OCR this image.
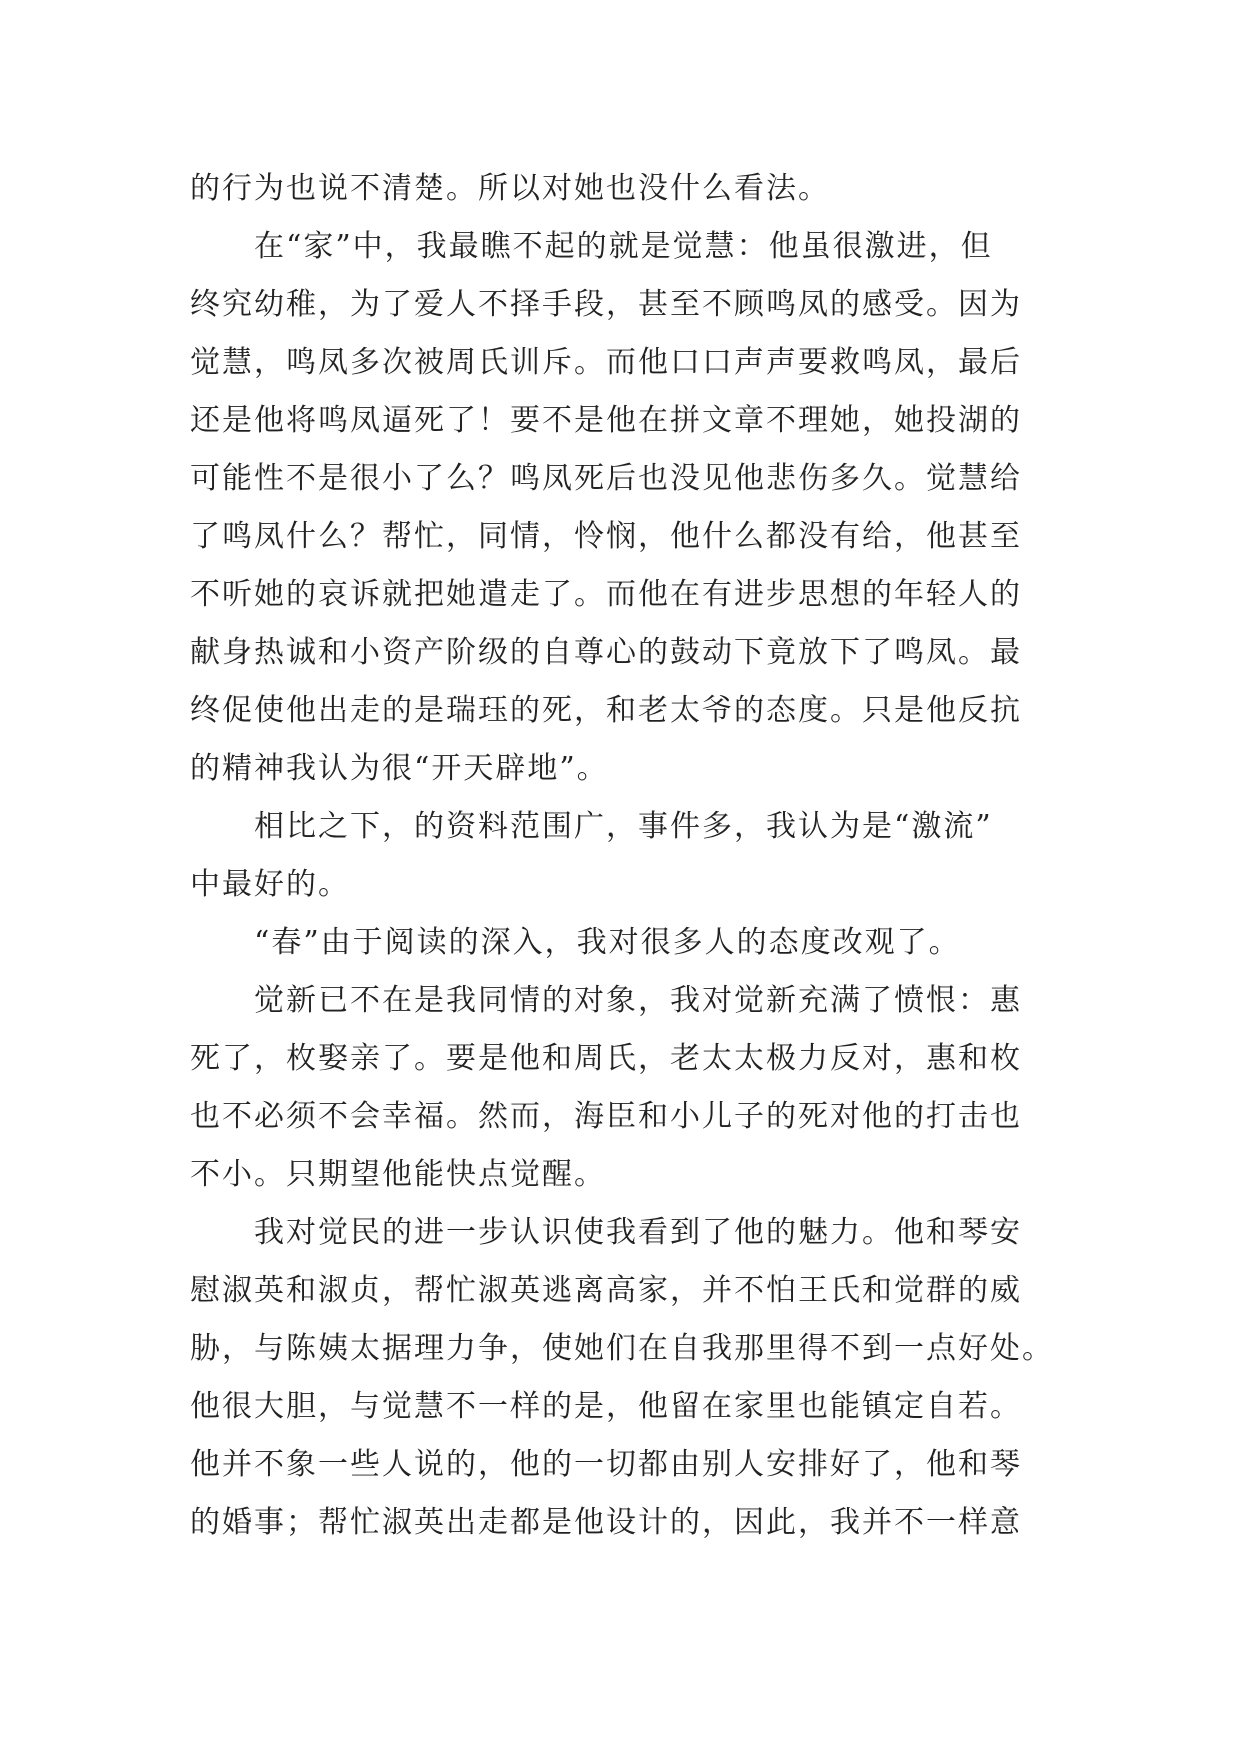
的行为也说不清楚。所以对她也没什么看法。
在“家”中，我最瞧不起的就是觉慧：他虽很激进，但
终究幼稚，为了爱人不择手段，甚至不顾鸣凤的感受。因为
觉慧，鸣凤多次被周氏训斥。而他口口声声要救鸣凤，最后
还是他将鸣凤逼死了！要不是他在拼文章不理她，她投湖的
可能性不是很小了么？鸣凤死后也没见他悲伤多久。觉慧给
了鸣凤什么？帮忙，同情，怜悯，他什么都没有给，他甚至
不听她的哀诉就把她遣走了。而他在有进步思想的年轻人的
献身热诚和小资产阶级的自尊心的鼓动下竟放下了鸣凤。最
终促使他出走的是瑞珏的死，和老太爷的态度。只是他反抗
的精神我认为很“开天辟地”。
相比之下，的资料范围广，事件多，我认为是“激流”
中最好的。
“春”由于阅读的深入，我对很多人的态度改观了。
觉新已不在是我同情的对象，我对觉新充满了愤恨：惠
死了，枚娶亲了。要是他和周氏，老太太极力反对，惠和枚
也不必须不会幸福。然而，海臣和小儿子的死对他的打击也
不小。只期望他能快点觉醒。
我对觉民的进一步认识使我看到了他的魅力。他和琴安
慰淑英和淑贞，帮忙淑英逃离高家，并不怕王氏和觉群的威
胁，与陈姨太据理力争，使她们在自我那里得不到一点好处。
他很大胆，与觉慧不一样的是，他留在家里也能镇定自若。
他并不象一些人说的，他的一切都由别人安排好了，他和琴
的婚事；帮忙淑英出走都是他设计的，因此，我并不一样意
